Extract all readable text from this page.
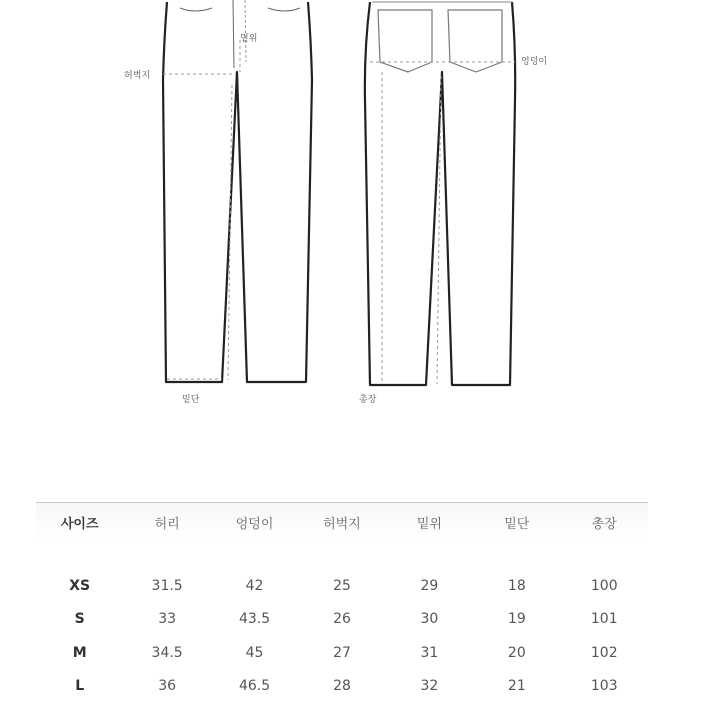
밑위
허벅지
엉덩이
밑단	총장
사이즈	허리	엉덩이	허벅지	밑위	밑단	총장
XS	31.5	42	25	29	18	100
S	33	43.5	26	30	19	101
M	34.5	45	27	31	20	102
L	36	46.5	28	32	21	103
